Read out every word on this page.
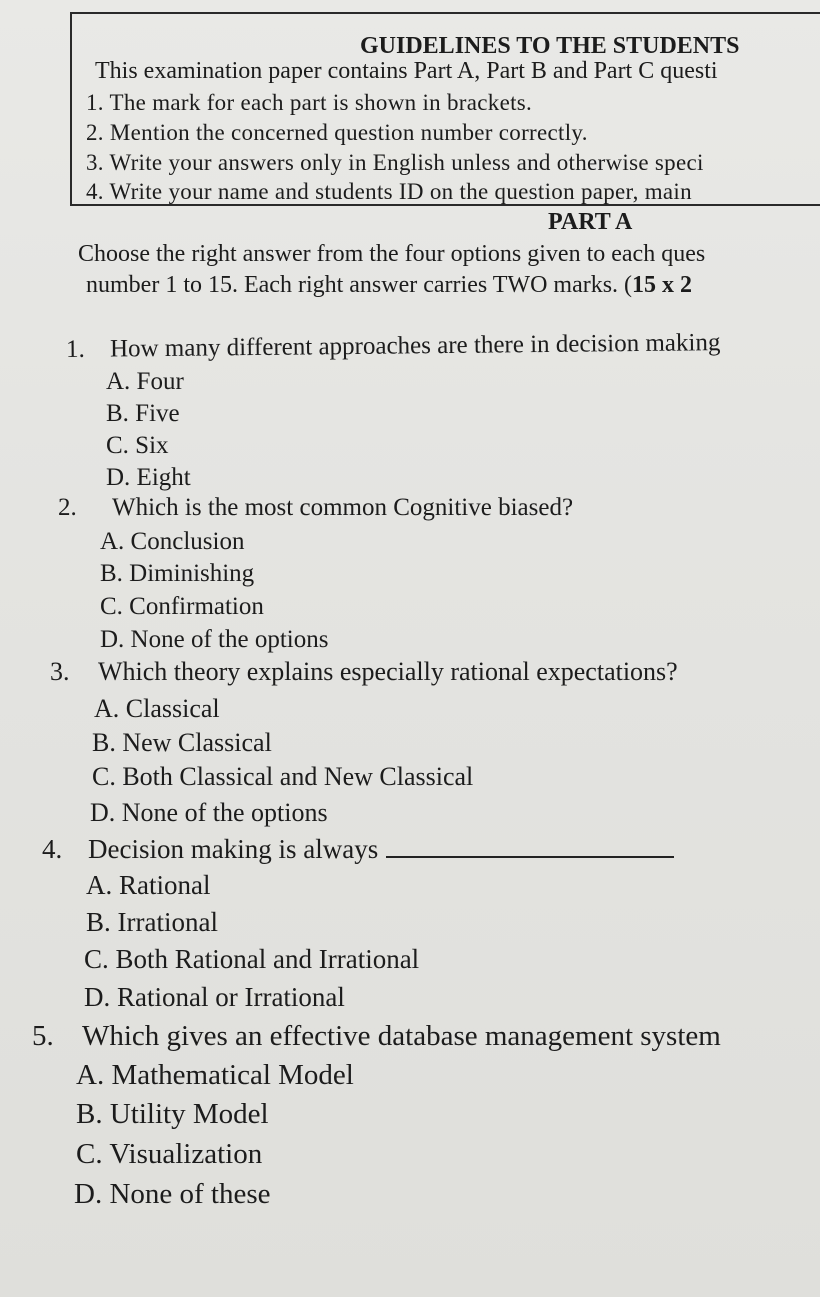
GUIDELINES TO THE STUDENTS
This examination paper contains Part A, Part B and Part C questi
1. The mark for each part is shown in brackets.
2. Mention the concerned question number correctly.
3. Write your answers only in English unless and otherwise speci
4. Write your name and students ID on the question paper, main
PART A
Choose the right answer from the four options given to each ques
number 1 to 15. Each right answer carries TWO marks. (15 x 2
1. How many different approaches are there in decision making
A. Four
B. Five
C. Six
D. Eight
2. Which is the most common Cognitive biased?
A. Conclusion
B. Diminishing
C. Confirmation
D. None of the options
3. Which theory explains especially rational expectations?
A. Classical
B. New Classical
C. Both Classical and New Classical
D. None of the options
4. Decision making is always
A. Rational
B. Irrational
C. Both Rational and Irrational
D. Rational or Irrational
5. Which gives an effective database management system
A. Mathematical Model
B. Utility Model
C. Visualization
D. None of these
